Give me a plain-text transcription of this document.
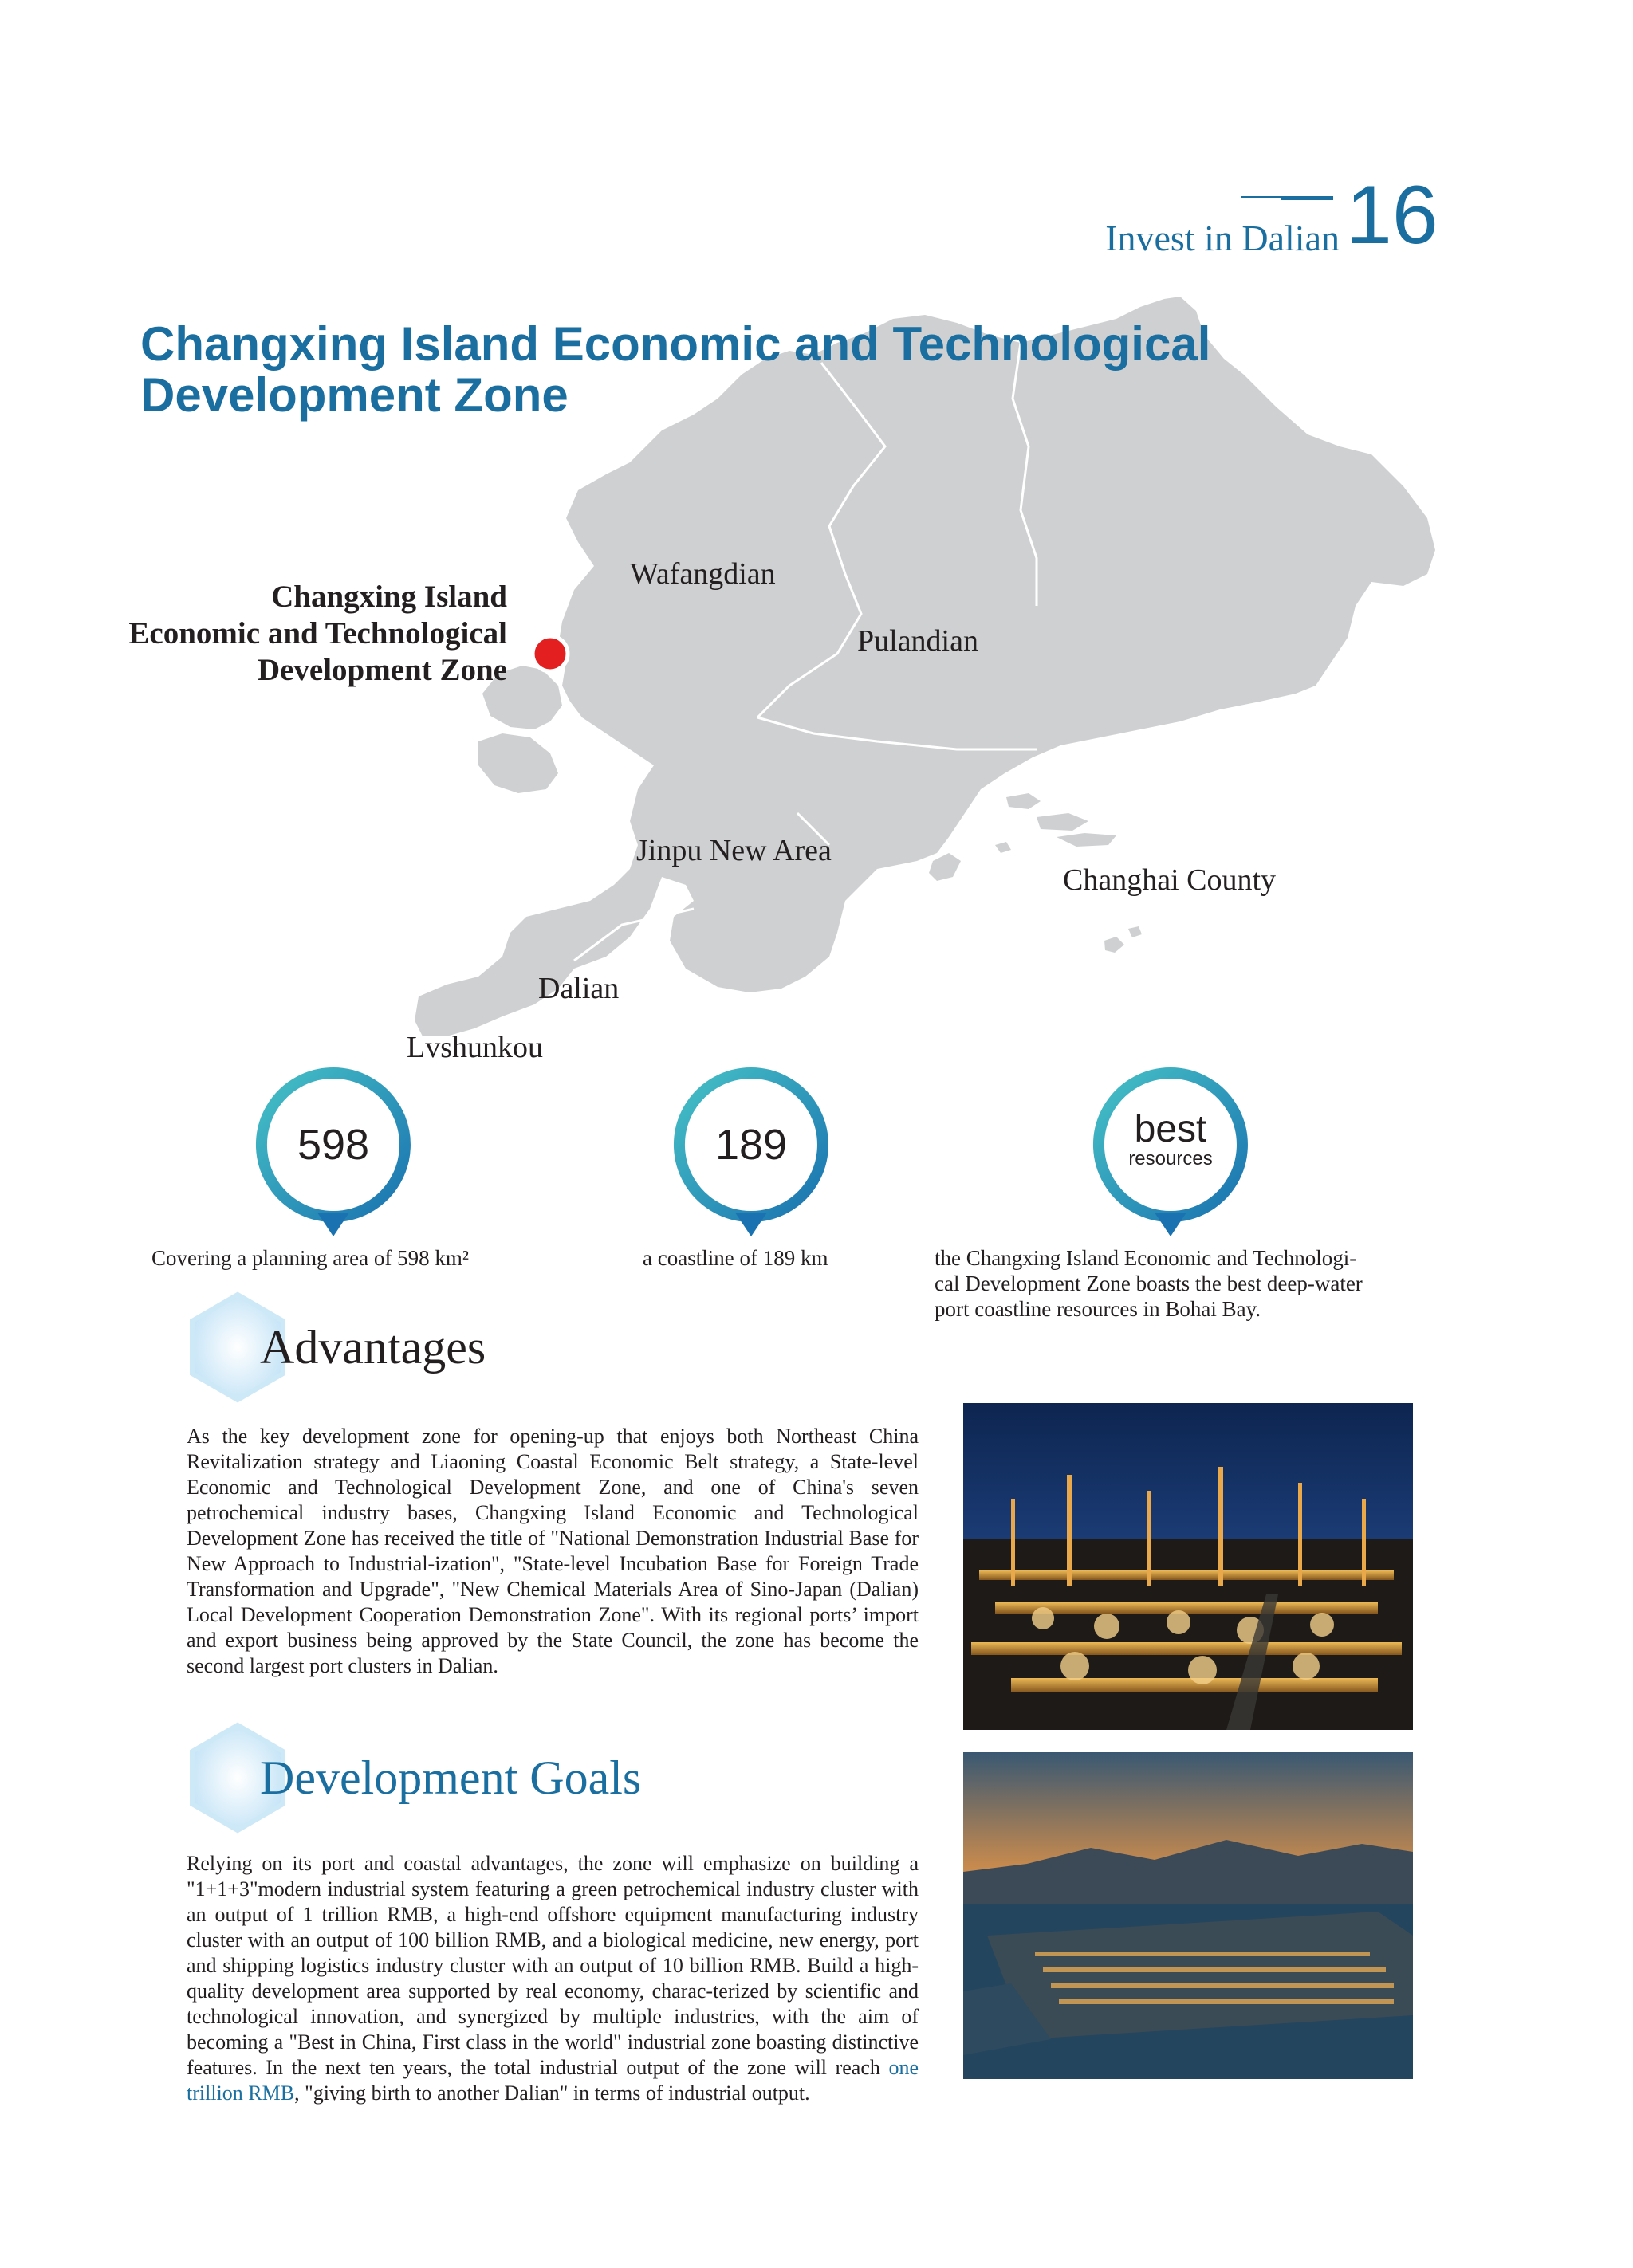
Invest in Dalian 16
Changxing Island Economic and Technological
Development Zone
Changxing Island
Economic and Technological
Development Zone
Wafangdian
Pulandian
Jinpu New Area
Changhai County
Dalian
Lvshunkou
598	189	best
resources
Covering a planning area of 598 km²	a coastline of 189 km	the Changxing Island Economic and Technologi-
cal Development Zone boasts the best deep-water
port coastline resources in Bohai Bay.
Advantages
As the key development zone for opening-up that enjoys both Northeast China Revitalization strategy and Liaoning Coastal Economic Belt strategy, a State-level Economic and Technological Development Zone, and one of China's seven petrochemical industry bases, Changxing Island Economic and Technological Development Zone has received the title of "National Demonstration Industrial Base for New Approach to Industrial-ization", "State-level Incubation Base for Foreign Trade Transformation and Upgrade", "New Chemical Materials Area of Sino-Japan (Dalian) Local Development Cooperation Demonstration Zone". With its regional ports’ import and export business being approved by the State Council, the zone has become the second largest port clusters in Dalian.
Development Goals
Relying on its port and coastal advantages, the zone will emphasize on building a "1+1+3"modern industrial system featuring a green petrochemical industry cluster with an output of 1 trillion RMB, a high-end offshore equipment manufacturing industry cluster with an output of 100 billion RMB, and a biological medicine, new energy, port and shipping logistics industry cluster with an output of 10 billion RMB. Build a high-quality development area supported by real economy, charac-terized by scientific and technological innovation, and synergized by multiple industries, with the aim of becoming a "Best in China, First class in the world" industrial zone boasting distinctive features. In the next ten years, the total industrial output of the zone will reach one trillion RMB, "giving birth to another Dalian" in terms of industrial output.
